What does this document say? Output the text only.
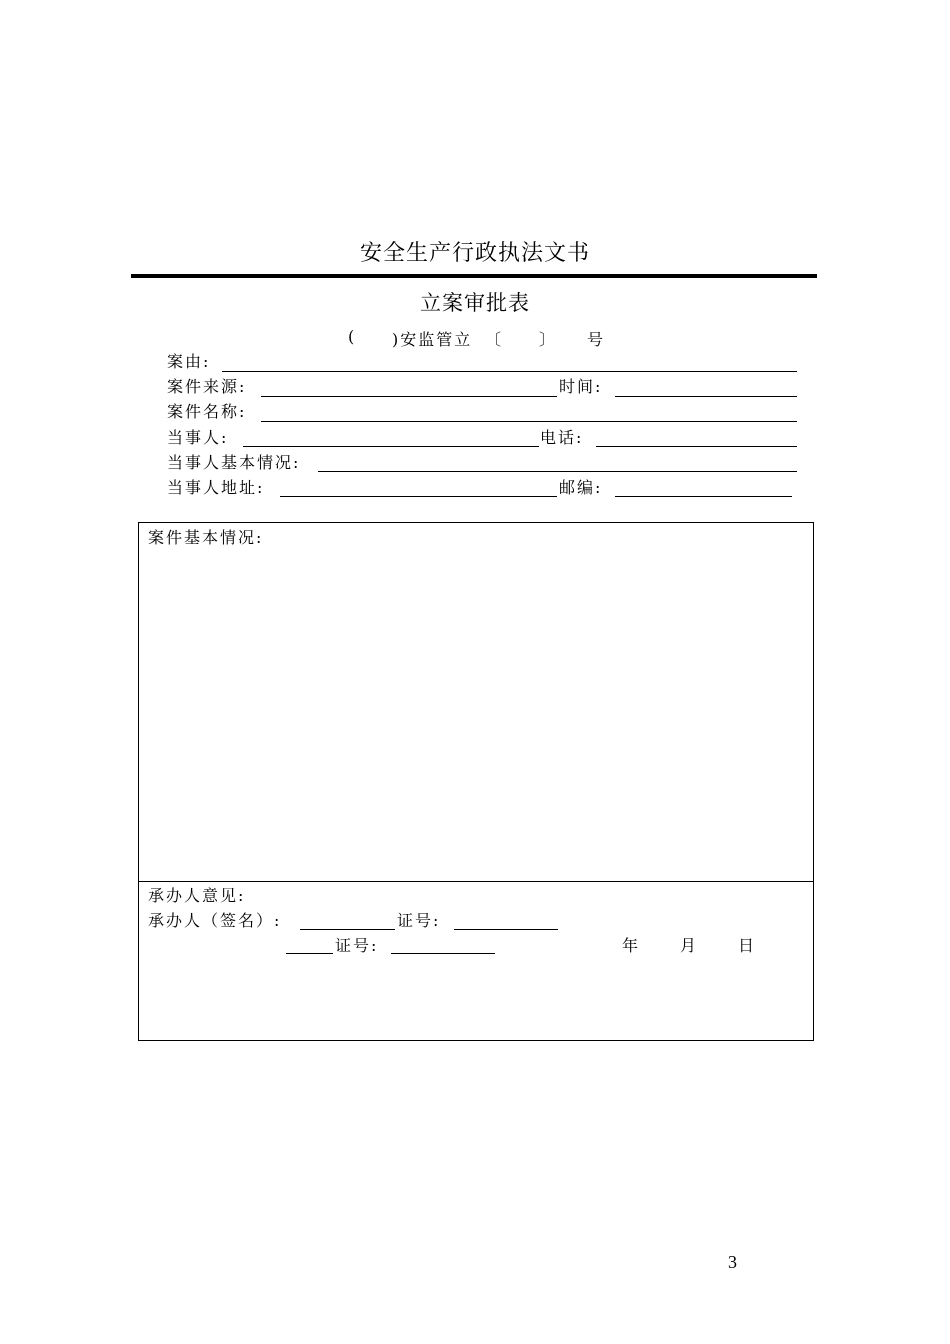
安全生产行政执法文书
立案审批表
( )安监管立 〔 〕 号
案由:
案件来源:	时间:
案件名称:
当事人:	电话:
当事人基本情况:
当事人地址:	邮编:
案件基本情况:
承办人意见:
承办人（签名）:	证号:
证号:	年 月 日
3
